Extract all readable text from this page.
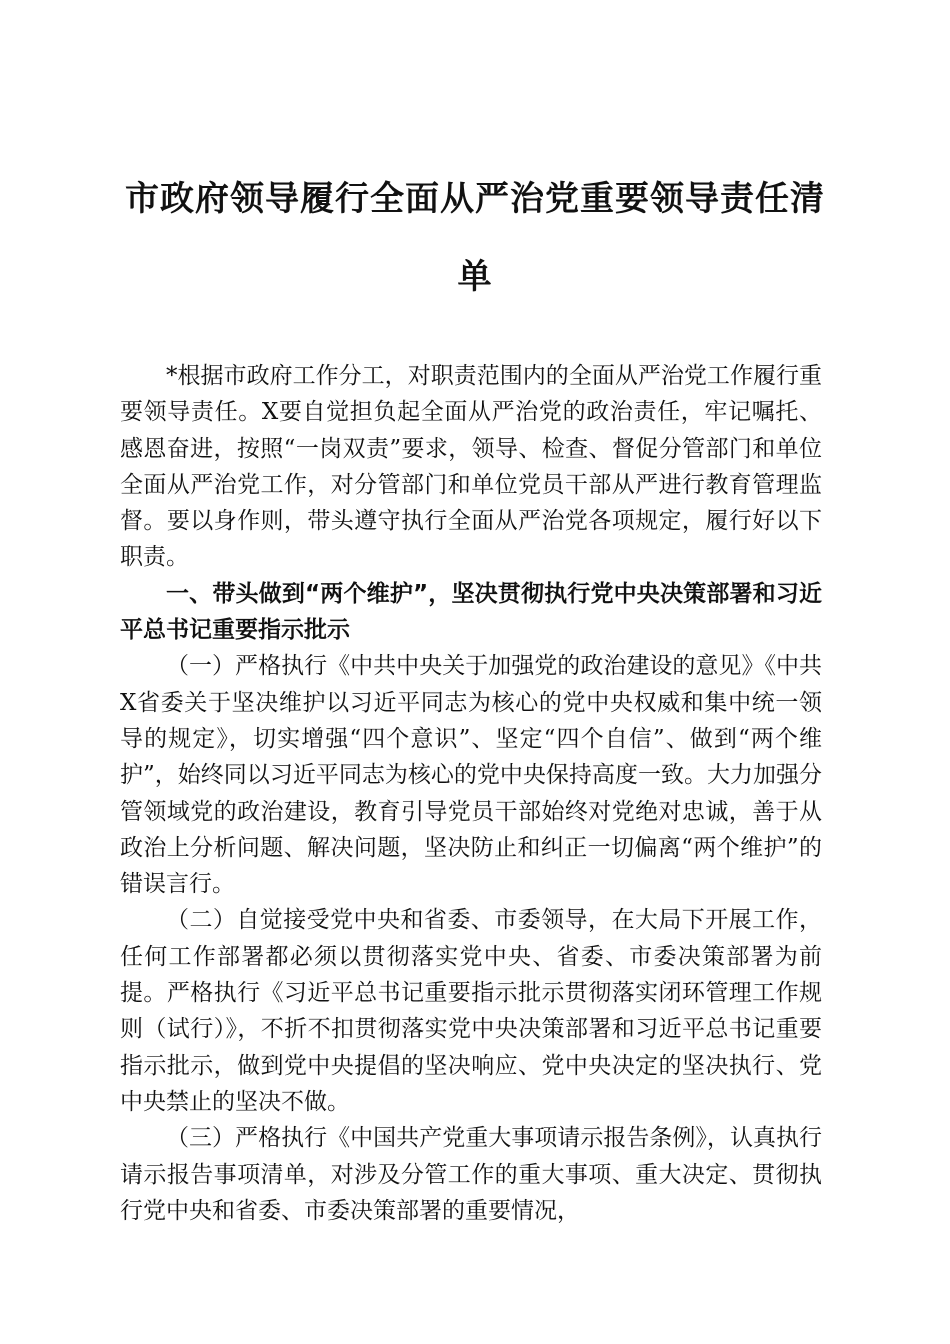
市政府领导履行全面从严治党重要领导责任清单

*根据市政府工作分工，对职责范围内的全面从严治党工作履行重要领导责任。X要自觉担负起全面从严治党的政治责任，牢记嘱托、感恩奋进，按照“一岗双责”要求，领导、检查、督促分管部门和单位全面从严治党工作，对分管部门和单位党员干部从严进行教育管理监督。要以身作则，带头遵守执行全面从严治党各项规定，履行好以下职责。

一、带头做到“两个维护”，坚决贯彻执行党中央决策部署和习近平总书记重要指示批示

（一）严格执行《中共中央关于加强党的政治建设的意见》《中共X省委关于坚决维护以习近平同志为核心的党中央权威和集中统一领导的规定》，切实增强“四个意识”、坚定“四个自信”、做到“两个维护”，始终同以习近平同志为核心的党中央保持高度一致。大力加强分管领域党的政治建设，教育引导党员干部始终对党绝对忠诚，善于从政治上分析问题、解决问题，坚决防止和纠正一切偏离“两个维护”的错误言行。

（二）自觉接受党中央和省委、市委领导，在大局下开展工作，任何工作部署都必须以贯彻落实党中央、省委、市委决策部署为前提。严格执行《习近平总书记重要指示批示贯彻落实闭环管理工作规则（试行）》，不折不扣贯彻落实党中央决策部署和习近平总书记重要指示批示，做到党中央提倡的坚决响应、党中央决定的坚决执行、党中央禁止的坚决不做。

（三）严格执行《中国共产党重大事项请示报告条例》，认真执行请示报告事项清单，对涉及分管工作的重大事项、重大决定、贯彻执行党中央和省委、市委决策部署的重要情况，
